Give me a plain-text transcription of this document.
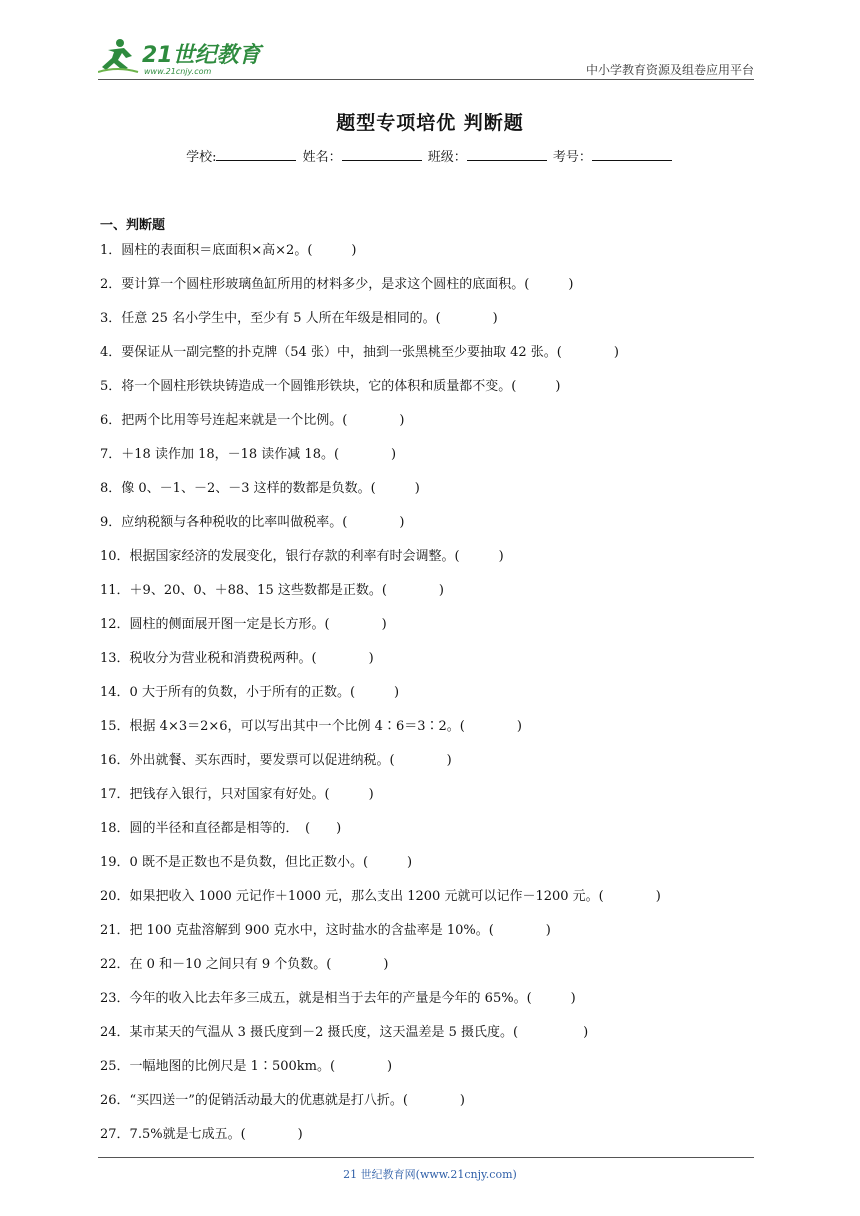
21世纪教育
www.21cnjy.com	中小学教育资源及组卷应用平台
题型专项培优 判断题
学校:	姓名：	班级：	考号：
一、判断题
1．圆柱的表面积＝底面积×高×2。(　　　)
2．要计算一个圆柱形玻璃鱼缸所用的材料多少，是求这个圆柱的底面积。(　　　)
3．任意 25 名小学生中，至少有 5 人所在年级是相同的。(　　　　)
4．要保证从一副完整的扑克牌（54 张）中，抽到一张黑桃至少要抽取 42 张。(　　　　)
5．将一个圆柱形铁块铸造成一个圆锥形铁块，它的体积和质量都不变。(　　　)
6．把两个比用等号连起来就是一个比例。(　　　　)
7．＋18 读作加 18，－18 读作减 18。(　　　　)
8．像 0、－1、－2、－3 这样的数都是负数。(　　　)
9．应纳税额与各种税收的比率叫做税率。(　　　　)
10．根据国家经济的发展变化，银行存款的利率有时会调整。(　　　)
11．＋9、20、0、＋88、15 这些数都是正数。(　　　　)
12．圆柱的侧面展开图一定是长方形。(　　　　)
13．税收分为营业税和消费税两种。(　　　　)
14．0 大于所有的负数，小于所有的正数。(　　　)
15．根据 4×3＝2×6，可以写出其中一个比例 4∶6＝3∶2。(　　　　)
16．外出就餐、买东西时，要发票可以促进纳税。(　　　　)
17．把钱存入银行，只对国家有好处。(　　　)
18．圆的半径和直径都是相等的．　(　　)
19．0 既不是正数也不是负数，但比正数小。(　　　)
20．如果把收入 1000 元记作＋1000 元，那么支出 1200 元就可以记作－1200 元。(　　　　)
21．把 100 克盐溶解到 900 克水中，这时盐水的含盐率是 10%。(　　　　)
22．在 0 和－10 之间只有 9 个负数。(　　　　)
23．今年的收入比去年多三成五，就是相当于去年的产量是今年的 65%。(　　　)
24．某市某天的气温从 3 摄氏度到－2 摄氏度，这天温差是 5 摄氏度。(　　　　　)
25．一幅地图的比例尺是 1∶500km。(　　　　)
26．“买四送一”的促销活动最大的优惠就是打八折。(　　　　)
27．7.5%就是七成五。(　　　　)
21 世纪教育网(www.21cnjy.com)
